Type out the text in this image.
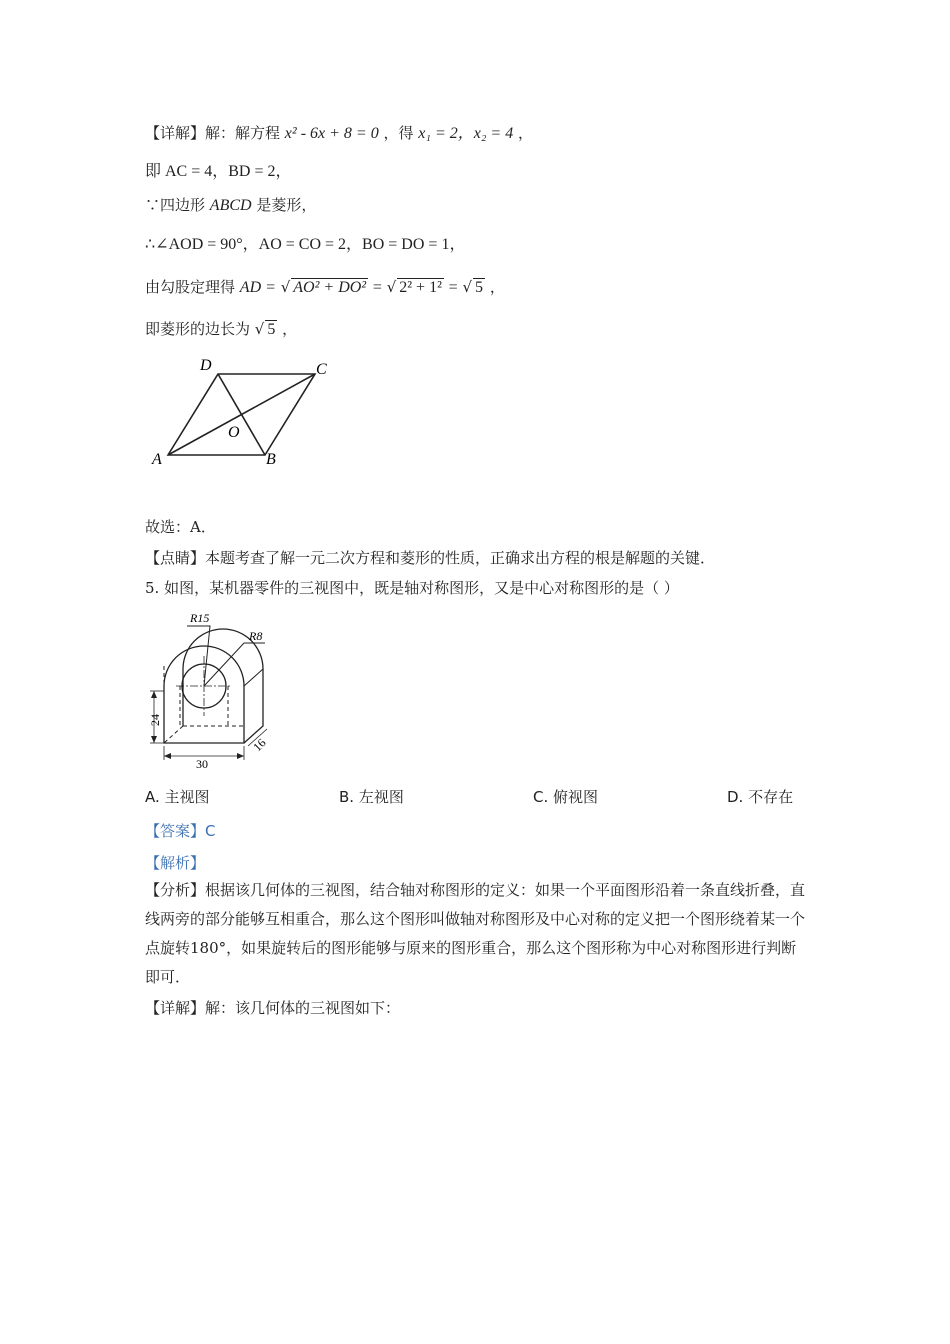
【详解】解：解方程 x² - 6x + 8 = 0 ，得 x₁ = 2，x₂ = 4 ，
即 AC = 4，BD = 2，
∵四边形 ABCD 是菱形，
∴∠AOD = 90°，AO = CO = 2，BO = DO = 1，
由勾股定理得 AD = √ AO² + DO² = √ 2² + 1² = √ 5 ，
即菱形的边长为 √ 5 ，
A	B
C
D
O
故选：A．
【点睛】本题考查了解一元二次方程和菱形的性质，正确求出方程的根是解题的关键．
5. 如图，某机器零件的三视图中，既是轴对称图形，又是中心对称图形的是（ ）
R15
R8
24
30
16
A. 主视图	B. 左视图	C. 俯视图	D. 不存在
【答案】C
【解析】
【分析】根据该几何体的三视图，结合轴对称图形的定义：如果一个平面图形沿着一条直线折叠，直线两旁的部分能够互相重合，那么这个图形叫做轴对称图形及中心对称的定义把一个图形绕着某一个点旋转180°，如果旋转后的图形能够与原来的图形重合，那么这个图形称为中心对称图形进行判断即可．
【详解】解：该几何体的三视图如下：
